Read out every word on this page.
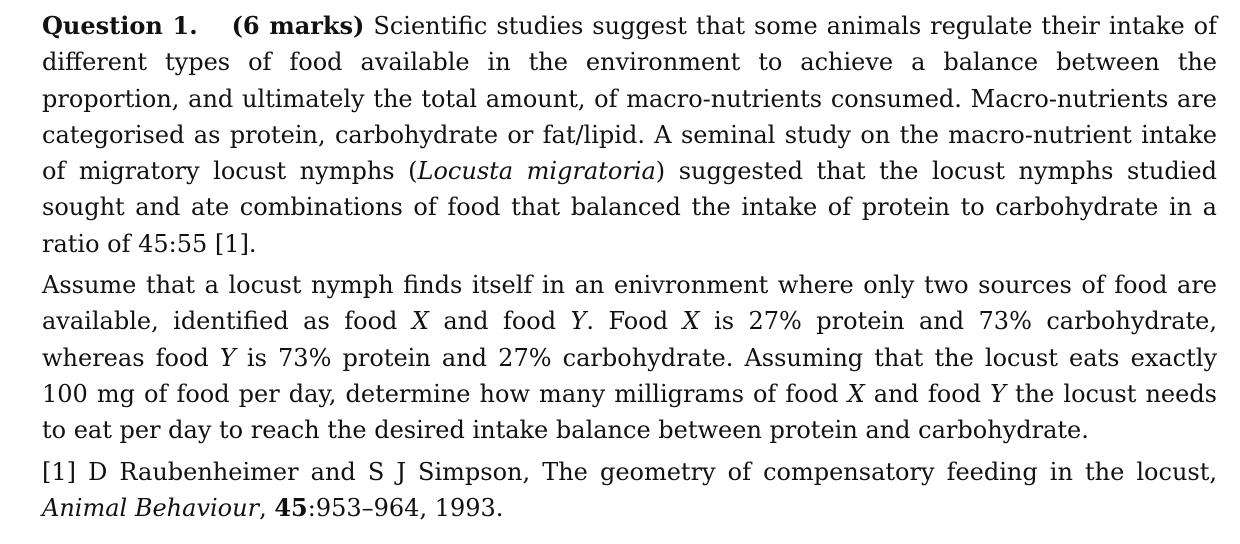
Question 1. (6 marks) Scientific studies suggest that some animals regulate their intake of different types of food available in the environment to achieve a balance between the proportion, and ultimately the total amount, of macro-nutrients consumed. Macro-nutrients are categorised as protein, carbohydrate or fat/lipid. A seminal study on the macro-nutrient intake of migratory locust nymphs (Locusta migratoria) suggested that the locust nymphs studied sought and ate combinations of food that balanced the intake of protein to carbohydrate in a ratio of 45:55 [1].

Assume that a locust nymph finds itself in an enivronment where only two sources of food are available, identified as food X and food Y. Food X is 27% protein and 73% carbohydrate, whereas food Y is 73% protein and 27% carbohydrate. Assuming that the locust eats exactly 100 mg of food per day, determine how many milligrams of food X and food Y the locust needs to eat per day to reach the desired intake balance between protein and carbohydrate.

[1] D Raubenheimer and S J Simpson, The geometry of compensatory feeding in the locust, Animal Behaviour, 45:953–964, 1993.
